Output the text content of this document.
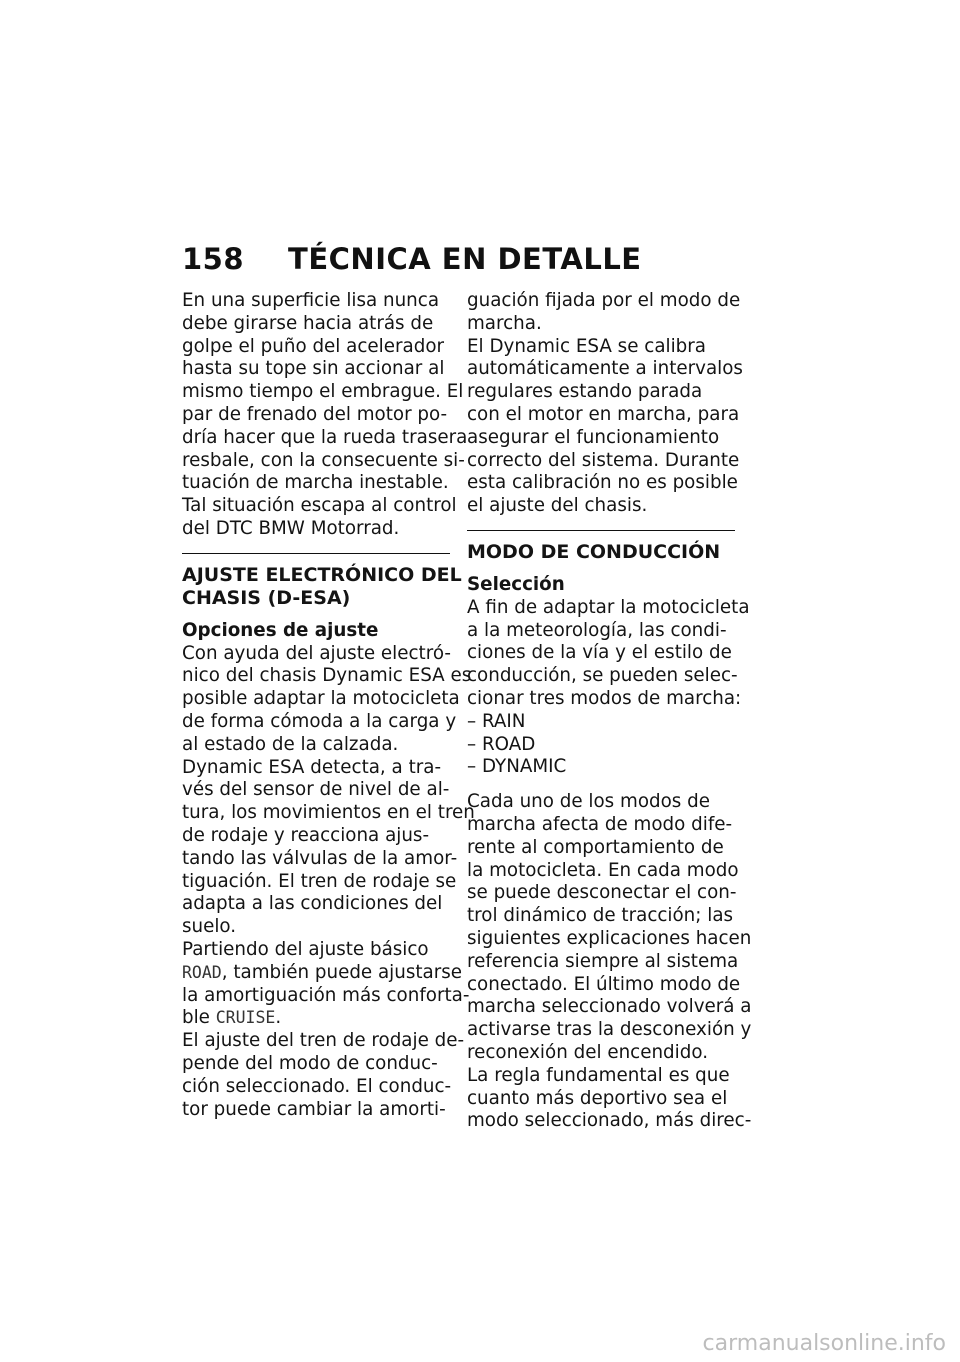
158 TÉCNICA EN DETALLE

En una superficie lisa nunca

debe girarse hacia atrás de

golpe el puño del acelerador

hasta su tope sin accionar al

mismo tiempo el embrague. El

par de frenado del motor po-

dría hacer que la rueda trasera

resbale, con la consecuente si-

tuación de marcha inestable.

Tal situación escapa al control

del DTC BMW Motorrad.

AJUSTE ELECTRÓNICO DEL
CHASIS (D-ESA)

Opciones de ajuste

Con ayuda del ajuste electró-

nico del chasis Dynamic ESA es

posible adaptar la motocicleta

de forma cómoda a la carga y

al estado de la calzada.

Dynamic ESA detecta, a tra-

vés del sensor de nivel de al-

tura, los movimientos en el tren

de rodaje y reacciona ajus-

tando las válvulas de la amor-

tiguación. El tren de rodaje se

adapta a las condiciones del

suelo.

Partiendo del ajuste básico

ROAD, también puede ajustarse

la amortiguación más conforta-

ble CRUISE.

El ajuste del tren de rodaje de-

pende del modo de conduc-

ción seleccionado. El conduc-

tor puede cambiar la amorti-

guación fijada por el modo de

marcha.

El Dynamic ESA se calibra

automáticamente a intervalos

regulares estando parada

con el motor en marcha, para

asegurar el funcionamiento

correcto del sistema. Durante

esta calibración no es posible

el ajuste del chasis.

MODO DE CONDUCCIÓN

Selección

A fin de adaptar la motocicleta

a la meteorología, las condi-

ciones de la vía y el estilo de

conducción, se pueden selec-

cionar tres modos de marcha:

– RAIN

– ROAD

– DYNAMIC

Cada uno de los modos de

marcha afecta de modo dife-

rente al comportamiento de

la motocicleta. En cada modo

se puede desconectar el con-

trol dinámico de tracción; las

siguientes explicaciones hacen

referencia siempre al sistema

conectado. El último modo de

marcha seleccionado volverá a

activarse tras la desconexión y

reconexión del encendido.

La regla fundamental es que

cuanto más deportivo sea el

modo seleccionado, más direc-

carmanualsonline.info
